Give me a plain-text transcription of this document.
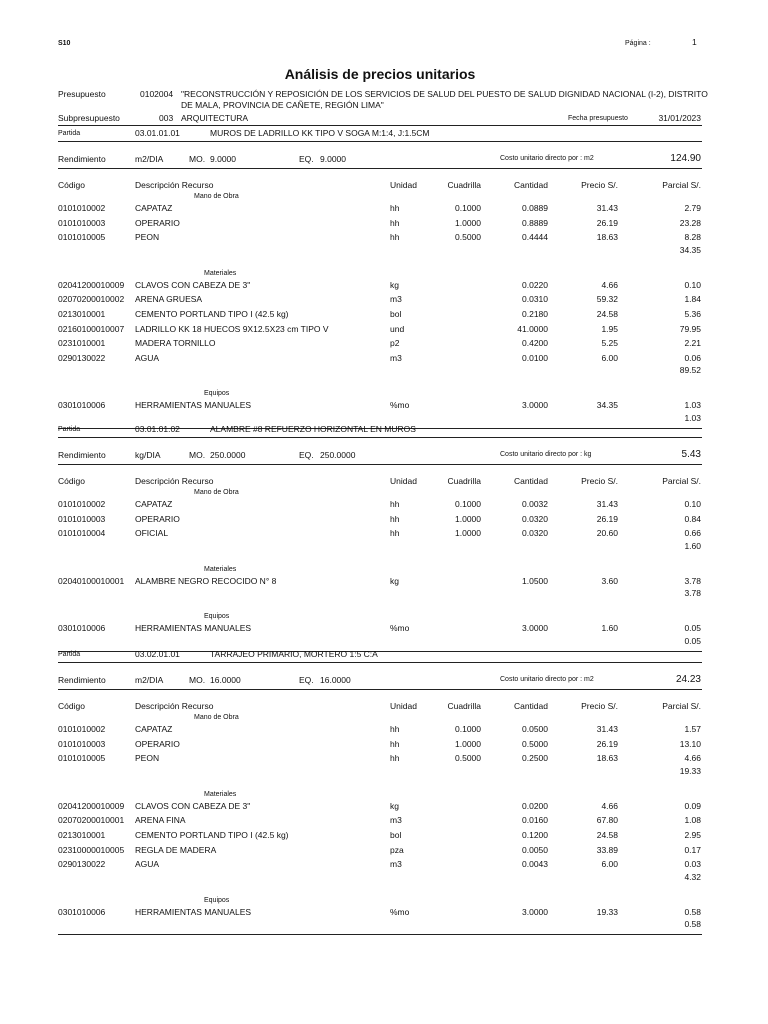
S10	Página :	1
Análisis de precios unitarios
Presupuesto	0102004 "RECONSTRUCCIÓN Y REPOSICIÓN DE LOS SERVICIOS DE SALUD DEL PUESTO DE SALUD DIGNIDAD NACIONAL (I-2), DISTRITO
DE MALA, PROVINCIA DE CAÑETE, REGIÓN LIMA"
Subpresupuesto	003 ARQUITECTURA	Fecha presupuesto	31/01/2023
Partida	03.01.01.01	MUROS DE LADRILLO KK TIPO V SOGA M:1:4, J:1.5CM
Rendimiento	m2/DIA	MO. 9.0000	EQ. 9.0000	Costo unitario directo por : m2	124.90
Código	Descripción Recurso	Unidad	Cuadrilla	Cantidad	Precio S/.	Parcial S/.
Mano de Obra
0101010002	CAPATAZ	hh	0.1000	0.0889	31.43	2.79
0101010003	OPERARIO	hh	1.0000	0.8889	26.19	23.28
0101010005	PEON	hh	0.5000	0.4444	18.63	8.28
34.35
Materiales
02041200010009 CLAVOS CON CABEZA DE 3"	kg	0.0220	4.66	0.10
02070200010002 ARENA GRUESA	m3	0.0310	59.32	1.84
0213010001	CEMENTO PORTLAND TIPO I (42.5 kg)	bol	0.2180	24.58	5.36
02160100010007 LADRILLO KK 18 HUECOS 9X12.5X23 cm TIPO V	und	41.0000	1.95	79.95
0231010001	MADERA TORNILLO	p2	0.4200	5.25	2.21
0290130022	AGUA	m3	0.0100	6.00	0.06
89.52
Equipos
0301010006	HERRAMIENTAS MANUALES	%mo	3.0000	34.35	1.03
1.03
Partida	03.01.01.02	ALAMBRE #8 REFUERZO HORIZONTAL EN MUROS
Rendimiento	kg/DIA	MO. 250.0000	EQ. 250.0000	Costo unitario directo por : kg	5.43
Código	Descripción Recurso	Unidad	Cuadrilla	Cantidad	Precio S/.	Parcial S/.
Mano de Obra
0101010002	CAPATAZ	hh	0.1000	0.0032	31.43	0.10
0101010003	OPERARIO	hh	1.0000	0.0320	26.19	0.84
0101010004	OFICIAL	hh	1.0000	0.0320	20.60	0.66
1.60
Materiales
02040100010001 ALAMBRE NEGRO RECOCIDO N° 8	kg	1.0500	3.60	3.78
3.78
Equipos
0301010006	HERRAMIENTAS MANUALES	%mo	3.0000	1.60	0.05
0.05
Partida	03.02.01.01	TARRAJEO PRIMARIO, MORTERO 1:5 C:A
Rendimiento	m2/DIA	MO. 16.0000	EQ. 16.0000	Costo unitario directo por : m2	24.23
Código	Descripción Recurso	Unidad	Cuadrilla	Cantidad	Precio S/.	Parcial S/.
Mano de Obra
0101010002	CAPATAZ	hh	0.1000	0.0500	31.43	1.57
0101010003	OPERARIO	hh	1.0000	0.5000	26.19	13.10
0101010005	PEON	hh	0.5000	0.2500	18.63	4.66
19.33
Materiales
02041200010009 CLAVOS CON CABEZA DE 3"	kg	0.0200	4.66	0.09
02070200010001 ARENA FINA	m3	0.0160	67.80	1.08
0213010001	CEMENTO PORTLAND TIPO I (42.5 kg)	bol	0.1200	24.58	2.95
02310000010005 REGLA DE MADERA	pza	0.0050	33.89	0.17
0290130022	AGUA	m3	0.0043	6.00	0.03
4.32
Equipos
0301010006	HERRAMIENTAS MANUALES	%mo	3.0000	19.33	0.58
0.58
